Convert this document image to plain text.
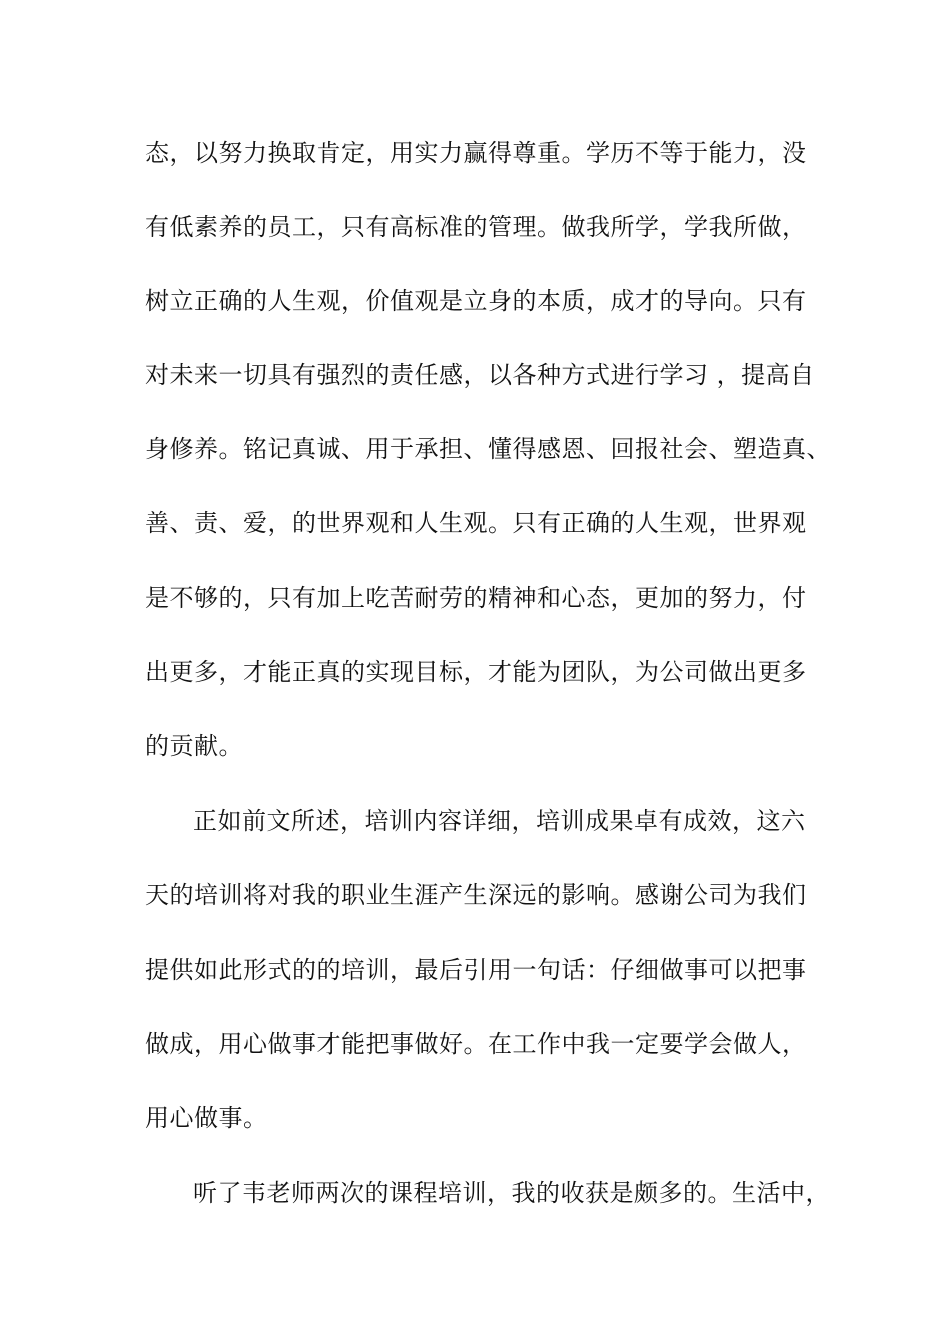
态，以努力换取肯定，用实力赢得尊重。学历不等于能力，没
有低素养的员工，只有高标准的管理。做我所学，学我所做，
树立正确的人生观，价值观是立身的本质，成才的导向。只有
对未来一切具有强烈的责任感，以各种方式进行学习 ，提高自
身修养。铭记真诚、用于承担、懂得感恩、回报社会、塑造真、
善、责、爱，的世界观和人生观。只有正确的人生观，世界观
是不够的，只有加上吃苦耐劳的精神和心态，更加的努力，付
出更多，才能正真的实现目标，才能为团队，为公司做出更多
的贡献。
正如前文所述，培训内容详细，培训成果卓有成效，这六
天的培训将对我的职业生涯产生深远的影响。感谢公司为我们
提供如此形式的的培训，最后引用一句话：仔细做事可以把事
做成，用心做事才能把事做好。在工作中我一定要学会做人，
用心做事。
听了韦老师两次的课程培训，我的收获是颇多的。生活中，
